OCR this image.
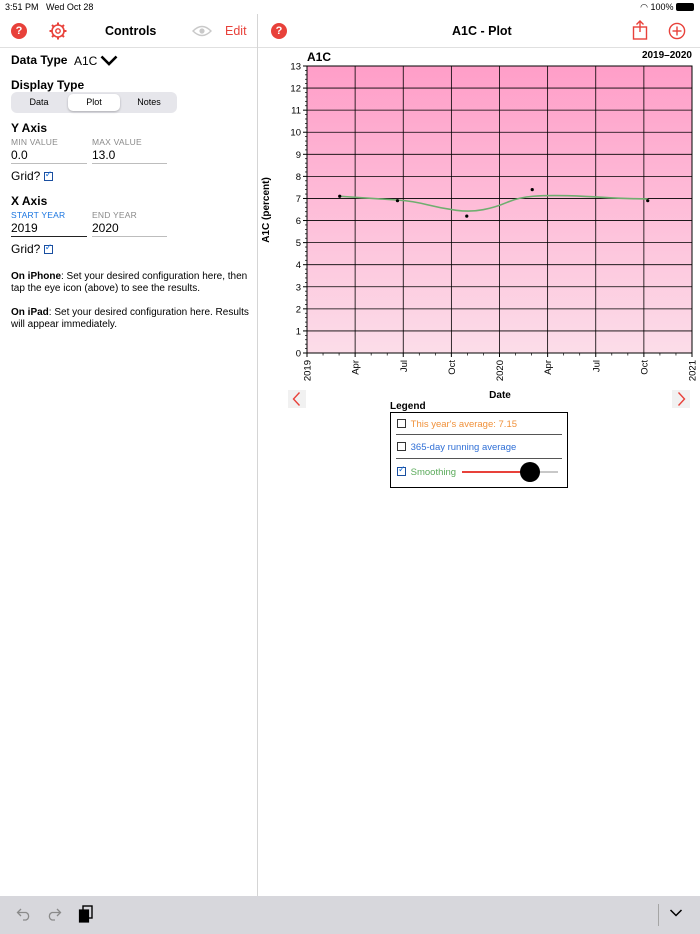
3:51 PM Wed Oct 28	◠ 100%
?	Controls	Edit
Data Type A1C
Display Type
Data	Plot	Notes
Y Axis
MIN VALUE	MAX VALUE
0.0	13.0
Grid? ✓
X Axis
START YEAR	END YEAR
2019	2020
Grid? ✓
On iPhone: Set your desired configuration here, then tap the eye icon (above) to see the results.
On iPad: Set your desired configuration here. Results will appear immediately.
?	A1C - Plot
A1C	2019–2020
0
1
2
3
4
5
6
7
8
9
10
11
12
13
2019	Apr	Jul	Oct	2020	Apr	Jul	Oct	2021
Date
A1C (percent)
Legend
This year's average: 7.15
365-day running average
✓ Smoothing
